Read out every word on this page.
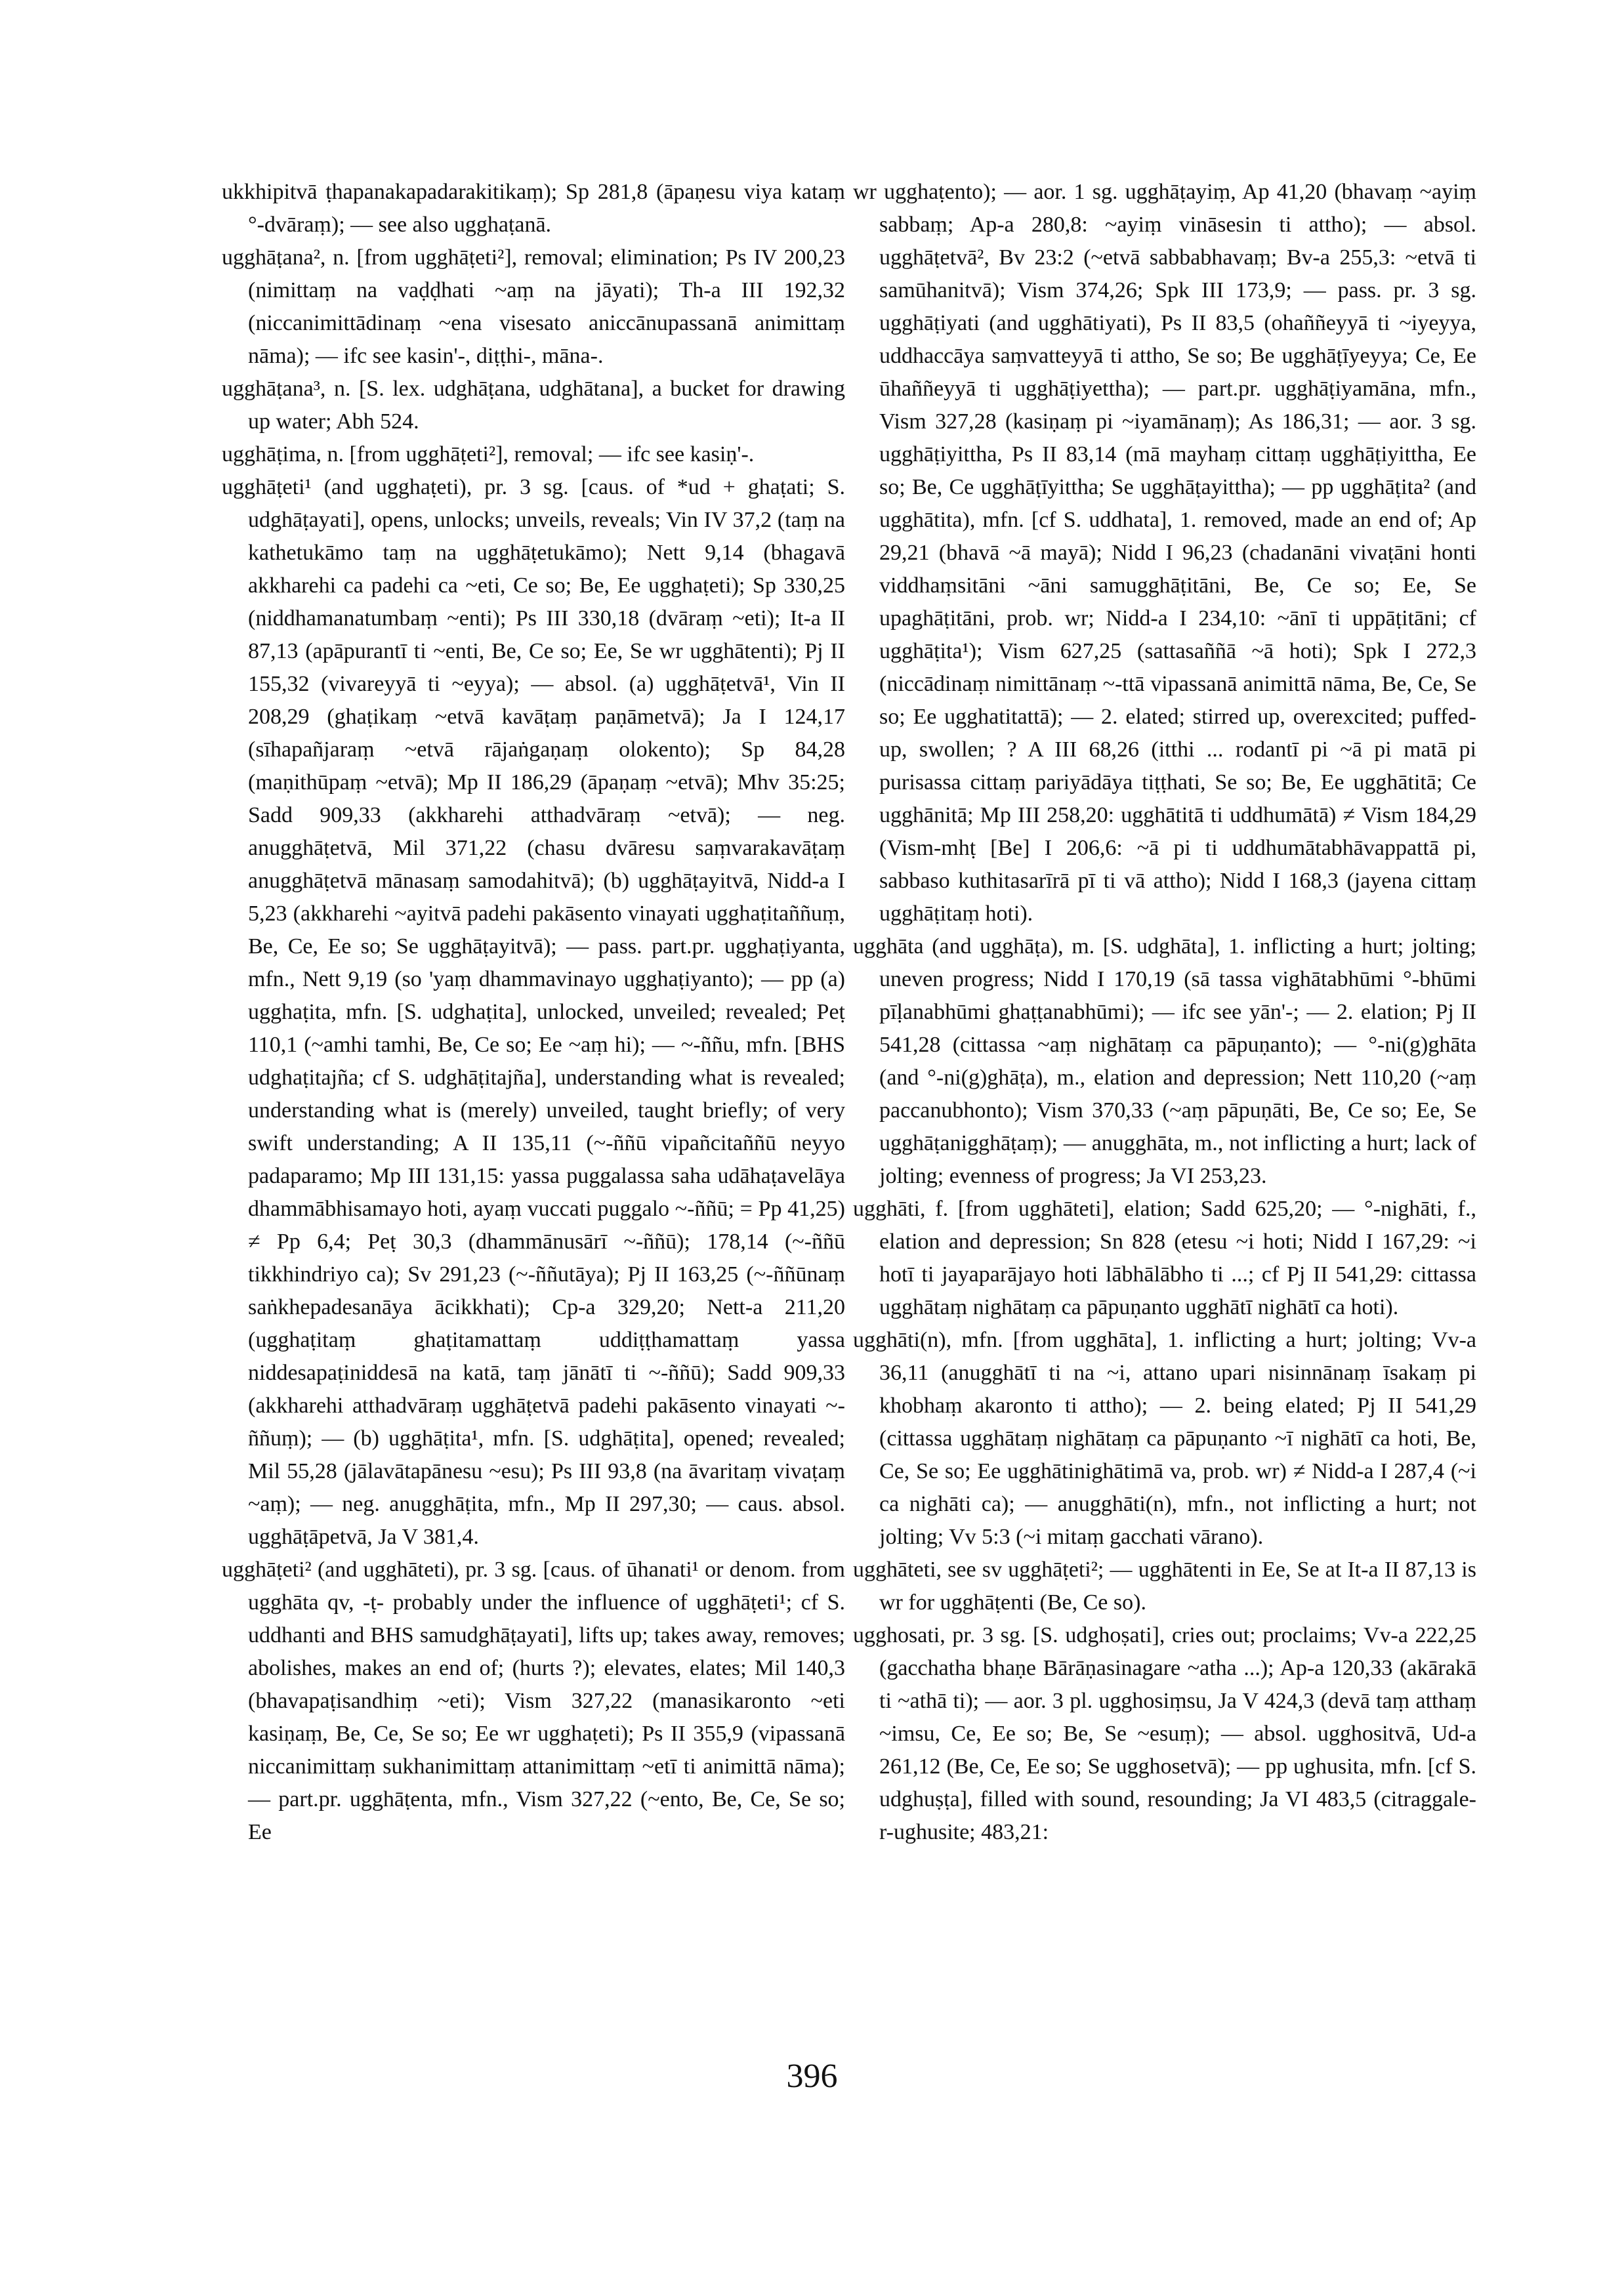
ukkhipitvā ṭhapanakapadarakitikaṃ); Sp 281,8 (āpaṇesu viya kataṃ °-dvāraṃ); — see also ugghaṭanā.

ugghāṭana², n. [from ugghāṭeti²], removal; elimination; Ps IV 200,23 (nimittaṃ na vaḍḍhati ~aṃ na jāyati); Th-a III 192,32 (niccanimittādinaṃ ~ena visesato aniccānupassanā animittaṃ nāma); — ifc see kasin'-, diṭṭhi-, māna-.

ugghāṭana³, n. [S. lex. udghāṭana, udghātana], a bucket for drawing up water; Abh 524.

ugghāṭima, n. [from ugghāṭeti²], removal; — ifc see kasiṇ'-.

ugghāṭeti¹ (and ugghaṭeti), pr. 3 sg. [caus. of *ud + ghaṭati; S. udghāṭayati], opens, unlocks; unveils, reveals; Vin IV 37,2 (taṃ na kathetukāmo taṃ na ugghāṭetukāmo); Nett 9,14 (bhagavā akkharehi ca padehi ca ~eti, Ce so; Be, Ee ugghaṭeti); Sp 330,25 (niddhamanatumbaṃ ~enti); Ps III 330,18 (dvāraṃ ~eti); It-a II 87,13 (apāpurantī ti ~enti, Be, Ce so; Ee, Se wr ugghātenti); Pj II 155,32 (vivareyyā ti ~eyya); — absol. (a) ugghāṭetvā¹, Vin II 208,29 (ghaṭikaṃ ~etvā kavāṭaṃ paṇāmetvā); Ja I 124,17 (sīhapañjaraṃ ~etvā rājaṅgaṇaṃ olokento); Sp 84,28 (maṇithūpaṃ ~etvā); Mp II 186,29 (āpaṇaṃ ~etvā); Mhv 35:25; Sadd 909,33 (akkharehi atthadvāraṃ ~etvā); — neg. anugghāṭetvā, Mil 371,22 (chasu dvāresu saṃvarakavāṭaṃ anugghāṭetvā mānasaṃ samodahitvā); (b) ugghāṭayitvā, Nidd-a I 5,23 (akkharehi ~ayitvā padehi pakāsento vinayati ugghaṭitaññuṃ, Be, Ce, Ee so; Se ugghāṭayitvā); — pass. part.pr. ugghaṭiyanta, mfn., Nett 9,19 (so 'yaṃ dhammavinayo ugghaṭiyanto); — pp (a) ugghaṭita, mfn. [S. udghaṭita], unlocked, unveiled; revealed; Peṭ 110,1 (~amhi tamhi, Be, Ce so; Ee ~aṃ hi); — ~-ññu, mfn. [BHS udghaṭitajña; cf S. udghāṭitajña], understanding what is revealed; understanding what is (merely) unveiled, taught briefly; of very swift understanding; A II 135,11 (~-ññū vipañcitaññū neyyo padaparamo; Mp III 131,15: yassa puggalassa saha udāhaṭavelāya dhammābhisamayo hoti, ayaṃ vuccati puggalo ~-ññū; = Pp 41,25) ≠ Pp 6,4; Peṭ 30,3 (dhammānusārī ~-ññū); 178,14 (~-ññū tikkhindriyo ca); Sv 291,23 (~-ññutāya); Pj II 163,25 (~-ññūnaṃ saṅkhepadesanāya ācikkhati); Cp-a 329,20; Nett-a 211,20 (ugghaṭitaṃ ghaṭitamattaṃ uddiṭṭhamattaṃ yassa niddesapaṭiniddesā na katā, taṃ jānātī ti ~-ññū); Sadd 909,33 (akkharehi atthadvāraṃ ugghāṭetvā padehi pakāsento vinayati ~-ññuṃ); — (b) ugghāṭita¹, mfn. [S. udghāṭita], opened; revealed; Mil 55,28 (jālavātapānesu ~esu); Ps III 93,8 (na āvaritaṃ vivaṭaṃ ~aṃ); — neg. anugghāṭita, mfn., Mp II 297,30; — caus. absol. ugghāṭāpetvā, Ja V 381,4.

ugghāṭeti² (and ugghāteti), pr. 3 sg. [caus. of ūhanati¹ or denom. from ugghāta qv, -ṭ- probably under the influence of ugghāṭeti¹; cf S. uddhanti and BHS samudghāṭayati], lifts up; takes away, removes; abolishes, makes an end of; (hurts ?); elevates, elates; Mil 140,3 (bhavapaṭisandhiṃ ~eti); Vism 327,22 (manasikaronto ~eti kasiṇaṃ, Be, Ce, Se so; Ee wr ugghaṭeti); Ps II 355,9 (vipassanā niccanimittaṃ sukhanimittaṃ attanimittaṃ ~etī ti animittā nāma); — part.pr. ugghāṭenta, mfn., Vism 327,22 (~ento, Be, Ce, Se so; Ee

wr ugghaṭento); — aor. 1 sg. ugghāṭayiṃ, Ap 41,20 (bhavaṃ ~ayiṃ sabbaṃ; Ap-a 280,8: ~ayiṃ vināsesin ti attho); — absol. ugghāṭetvā², Bv 23:2 (~etvā sabbabhavaṃ; Bv-a 255,3: ~etvā ti samūhanitvā); Vism 374,26; Spk III 173,9; — pass. pr. 3 sg. ugghāṭiyati (and ugghātiyati), Ps II 83,5 (ohaññeyyā ti ~iyeyya, uddhaccāya saṃvatteyyā ti attho, Se so; Be ugghāṭīyeyya; Ce, Ee ūhaññeyyā ti ugghāṭiyettha); — part.pr. ugghāṭiyamāna, mfn., Vism 327,28 (kasiṇaṃ pi ~iyamānaṃ); As 186,31; — aor. 3 sg. ugghāṭiyittha, Ps II 83,14 (mā mayhaṃ cittaṃ ugghāṭiyittha, Ee so; Be, Ce ugghāṭīyittha; Se ugghāṭayittha); — pp ugghāṭita² (and ugghātita), mfn. [cf S. uddhata], 1. removed, made an end of; Ap 29,21 (bhavā ~ā mayā); Nidd I 96,23 (chadanāni vivaṭāni honti viddhaṃsitāni ~āni samugghāṭitāni, Be, Ce so; Ee, Se upaghāṭitāni, prob. wr; Nidd-a I 234,10: ~ānī ti uppāṭitāni; cf ugghāṭita¹); Vism 627,25 (sattasaññā ~ā hoti); Spk I 272,3 (niccādinaṃ nimittānaṃ ~-ttā vipassanā animittā nāma, Be, Ce, Se so; Ee ugghatitattā); — 2. elated; stirred up, overexcited; puffed-up, swollen; ? A III 68,26 (itthi ... rodantī pi ~ā pi matā pi purisassa cittaṃ pariyādāya tiṭṭhati, Se so; Be, Ee ugghātitā; Ce ugghānitā; Mp III 258,20: ugghātitā ti uddhumātā) ≠ Vism 184,29 (Vism-mhṭ [Be] I 206,6: ~ā pi ti uddhumātabhāvappattā pi, sabbaso kuthitasarīrā pī ti vā attho); Nidd I 168,3 (jayena cittaṃ ugghāṭitaṃ hoti).

ugghāta (and ugghāṭa), m. [S. udghāta], 1. inflicting a hurt; jolting; uneven progress; Nidd I 170,19 (sā tassa vighātabhūmi °-bhūmi pīḷanabhūmi ghaṭṭanabhūmi); — ifc see yān'-; — 2. elation; Pj II 541,28 (cittassa ~aṃ nighātaṃ ca pāpuṇanto); — °-ni(g)ghāta (and °-ni(g)ghāṭa), m., elation and depression; Nett 110,20 (~aṃ paccanubhonto); Vism 370,33 (~aṃ pāpuṇāti, Be, Ce so; Ee, Se ugghāṭanigghāṭaṃ); — anugghāta, m., not inflicting a hurt; lack of jolting; evenness of progress; Ja VI 253,23.

ugghāti, f. [from ugghāteti], elation; Sadd 625,20; — °-nighāti, f., elation and depression; Sn 828 (etesu ~i hoti; Nidd I 167,29: ~i hotī ti jayaparājayo hoti lābhālābho ti ...; cf Pj II 541,29: cittassa ugghātaṃ nighātaṃ ca pāpuṇanto ugghātī nighātī ca hoti).

ugghāti(n), mfn. [from ugghāta], 1. inflicting a hurt; jolting; Vv-a 36,11 (anugghātī ti na ~i, attano upari nisinnānaṃ īsakaṃ pi khobhaṃ akaronto ti attho); — 2. being elated; Pj II 541,29 (cittassa ugghātaṃ nighātaṃ ca pāpuṇanto ~ī nighātī ca hoti, Be, Ce, Se so; Ee ugghātinighātimā va, prob. wr) ≠ Nidd-a I 287,4 (~i ca nighāti ca); — anugghāti(n), mfn., not inflicting a hurt; not jolting; Vv 5:3 (~i mitaṃ gacchati vārano).

ugghāteti, see sv ugghāṭeti²; — ugghātenti in Ee, Se at It-a II 87,13 is wr for ugghāṭenti (Be, Ce so).

ugghosati, pr. 3 sg. [S. udghoṣati], cries out; proclaims; Vv-a 222,25 (gacchatha bhaṇe Bārāṇasinagare ~atha ...); Ap-a 120,33 (akārakā ti ~athā ti); — aor. 3 pl. ugghosiṃsu, Ja V 424,3 (devā taṃ atthaṃ ~imsu, Ce, Ee so; Be, Se ~esuṃ); — absol. ugghositvā, Ud-a 261,12 (Be, Ce, Ee so; Se ugghosetvā); — pp ughusita, mfn. [cf S. udghuṣṭa], filled with sound, resounding; Ja VI 483,5 (citraggale-r-ughusite; 483,21:

396
